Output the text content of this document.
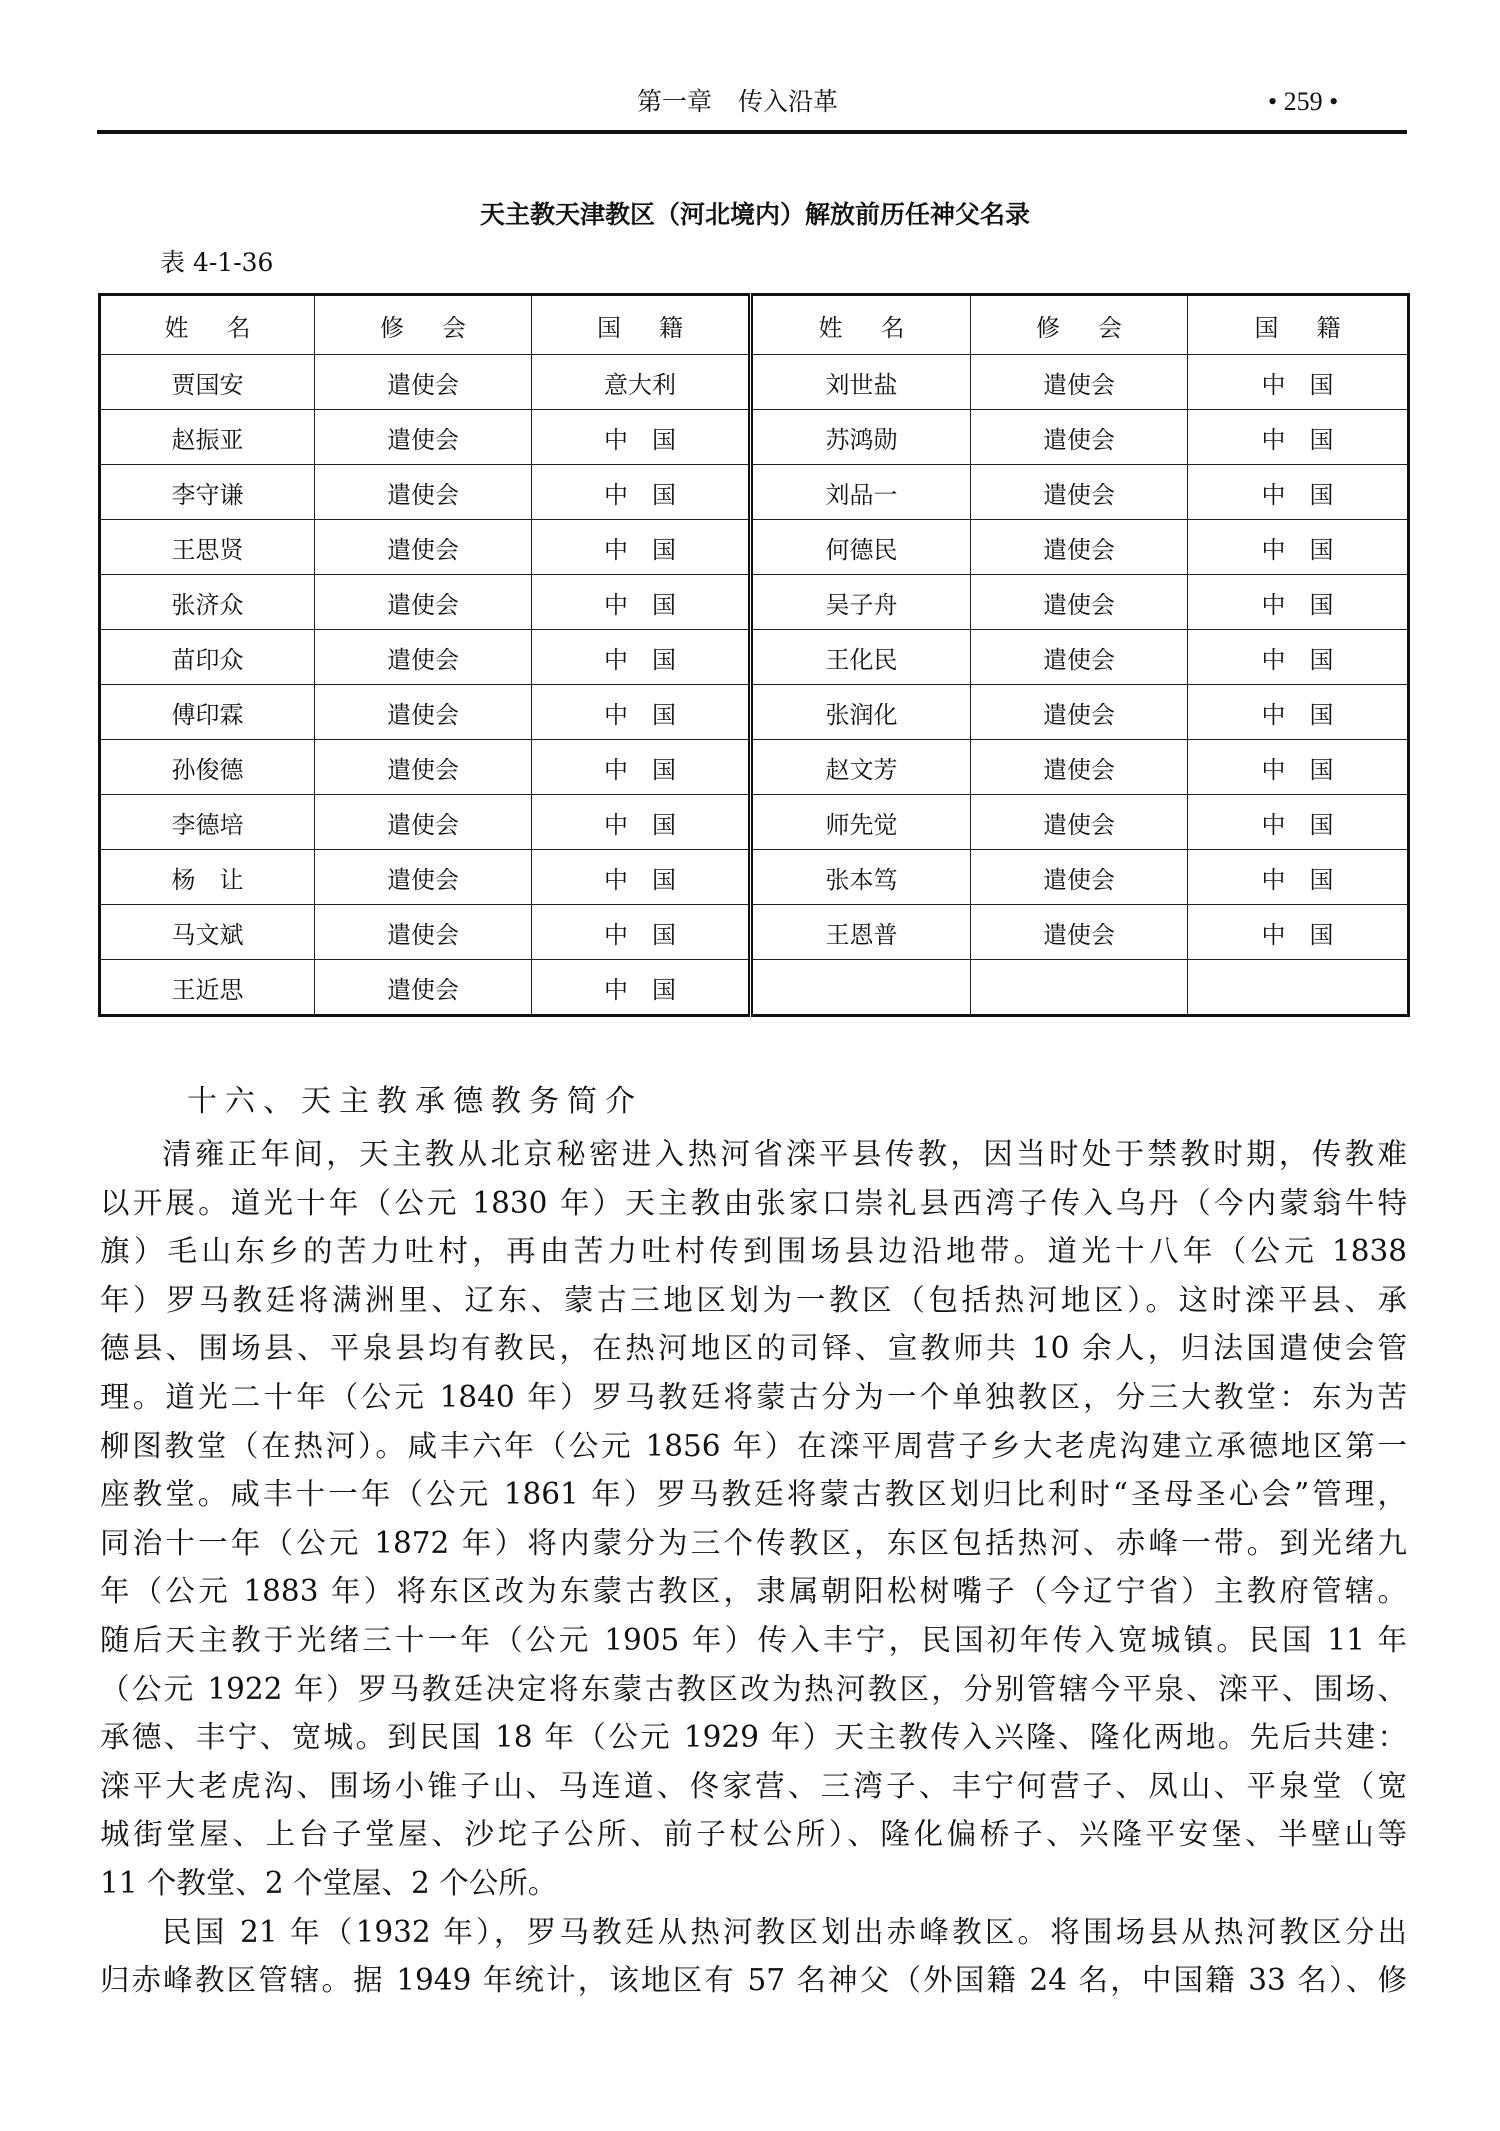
第一章 传入沿革	• 259 •
天主教天津教区（河北境内）解放前历任神父名录
表 4-1-36
姓名	修会	国籍	姓名	修会	国籍
贾国安	遣使会	意大利	刘世盐	遣使会	中　国
赵振亚	遣使会	中　国	苏鸿勋	遣使会	中　国
李守谦	遣使会	中　国	刘品一	遣使会	中　国
王思贤	遣使会	中　国	何德民	遣使会	中　国
张济众	遣使会	中　国	吴子舟	遣使会	中　国
苗印众	遣使会	中　国	王化民	遣使会	中　国
傅印霖	遣使会	中　国	张润化	遣使会	中　国
孙俊德	遣使会	中　国	赵文芳	遣使会	中　国
李德培	遣使会	中　国	师先觉	遣使会	中　国
杨　让	遣使会	中　国	张本笃	遣使会	中　国
马文斌	遣使会	中　国	王恩普	遣使会	中　国
王近思	遣使会	中　国			
十六、天主教承德教务简介
清雍正年间，天主教从北京秘密进入热河省滦平县传教，因当时处于禁教时期，传教难
以开展。道光十年（公元 1830 年）天主教由张家口崇礼县西湾子传入乌丹（今内蒙翁牛特
旗）毛山东乡的苦力吐村，再由苦力吐村传到围场县边沿地带。道光十八年（公元 1838
年）罗马教廷将满洲里、辽东、蒙古三地区划为一教区（包括热河地区）。这时滦平县、承
德县、围场县、平泉县均有教民，在热河地区的司铎、宣教师共 10 余人，归法国遣使会管
理。道光二十年（公元 1840 年）罗马教廷将蒙古分为一个单独教区，分三大教堂：东为苦
柳图教堂（在热河）。咸丰六年（公元 1856 年）在滦平周营子乡大老虎沟建立承德地区第一
座教堂。咸丰十一年（公元 1861 年）罗马教廷将蒙古教区划归比利时“圣母圣心会”管理，
同治十一年（公元 1872 年）将内蒙分为三个传教区，东区包括热河、赤峰一带。到光绪九
年（公元 1883 年）将东区改为东蒙古教区，隶属朝阳松树嘴子（今辽宁省）主教府管辖。
随后天主教于光绪三十一年（公元 1905 年）传入丰宁，民国初年传入宽城镇。民国 11 年
（公元 1922 年）罗马教廷决定将东蒙古教区改为热河教区，分别管辖今平泉、滦平、围场、
承德、丰宁、宽城。到民国 18 年（公元 1929 年）天主教传入兴隆、隆化两地。先后共建：
滦平大老虎沟、围场小锥子山、马连道、佟家营、三湾子、丰宁何营子、凤山、平泉堂（宽
城街堂屋、上台子堂屋、沙坨子公所、前子杖公所）、隆化偏桥子、兴隆平安堡、半壁山等
11 个教堂、2 个堂屋、2 个公所。
民国 21 年（1932 年），罗马教廷从热河教区划出赤峰教区。将围场县从热河教区分出
归赤峰教区管辖。据 1949 年统计，该地区有 57 名神父（外国籍 24 名，中国籍 33 名）、修
